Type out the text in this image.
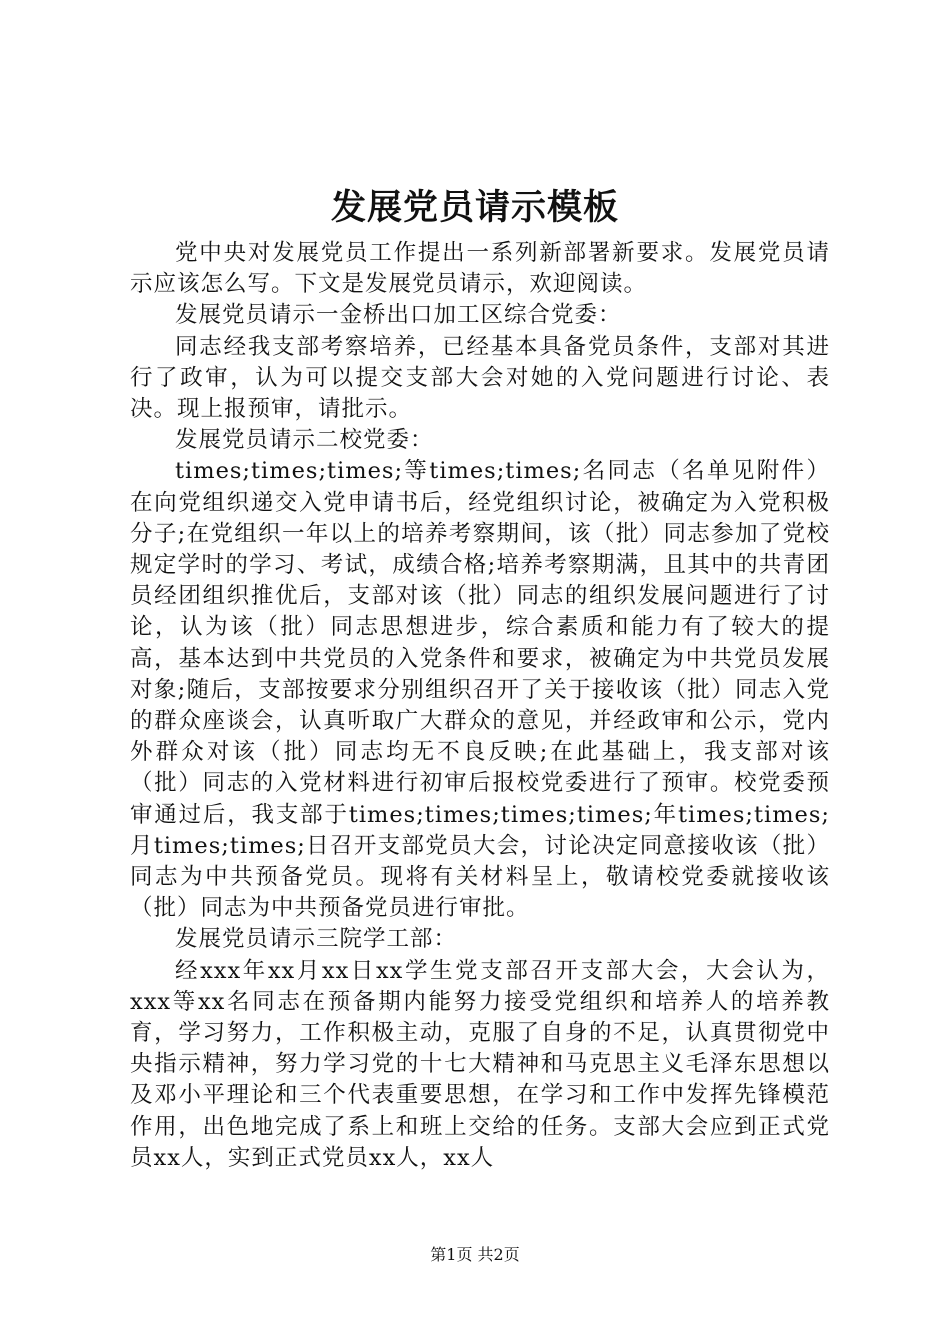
发展党员请示模板

党中央对发展党员工作提出一系列新部署新要求。发展党员请示应该怎么写。下文是发展党员请示，欢迎阅读。

发展党员请示一金桥出口加工区综合党委：

同志经我支部考察培养，已经基本具备党员条件，支部对其进行了政审，认为可以提交支部大会对她的入党问题进行讨论、表决。现上报预审，请批示。

发展党员请示二校党委：

times;times;times;等times;times;名同志（名单见附件）在向党组织递交入党申请书后，经党组织讨论，被确定为入党积极分子;在党组织一年以上的培养考察期间，该（批）同志参加了党校规定学时的学习、考试，成绩合格;培养考察期满，且其中的共青团员经团组织推优后，支部对该（批）同志的组织发展问题进行了讨论，认为该（批）同志思想进步，综合素质和能力有了较大的提高，基本达到中共党员的入党条件和要求，被确定为中共党员发展对象;随后，支部按要求分别组织召开了关于接收该（批）同志入党的群众座谈会，认真听取广大群众的意见，并经政审和公示，党内外群众对该（批）同志均无不良反映;在此基础上，我支部对该（批）同志的入党材料进行初审后报校党委进行了预审。校党委预审通过后，我支部于times;times;times;times;年times;times;月times;times;日召开支部党员大会，讨论决定同意接收该（批）同志为中共预备党员。现将有关材料呈上，敬请校党委就接收该（批）同志为中共预备党员进行审批。

发展党员请示三院学工部：

经xxx年xx月xx日xx学生党支部召开支部大会，大会认为，xxx等xx名同志在预备期内能努力接受党组织和培养人的培养教育，学习努力，工作积极主动，克服了自身的不足，认真贯彻党中央指示精神，努力学习党的十七大精神和马克思主义毛泽东思想以及邓小平理论和三个代表重要思想，在学习和工作中发挥先锋模范作用，出色地完成了系上和班上交给的任务。支部大会应到正式党员xx人，实到正式党员xx人，xx人

第1页 共2页
